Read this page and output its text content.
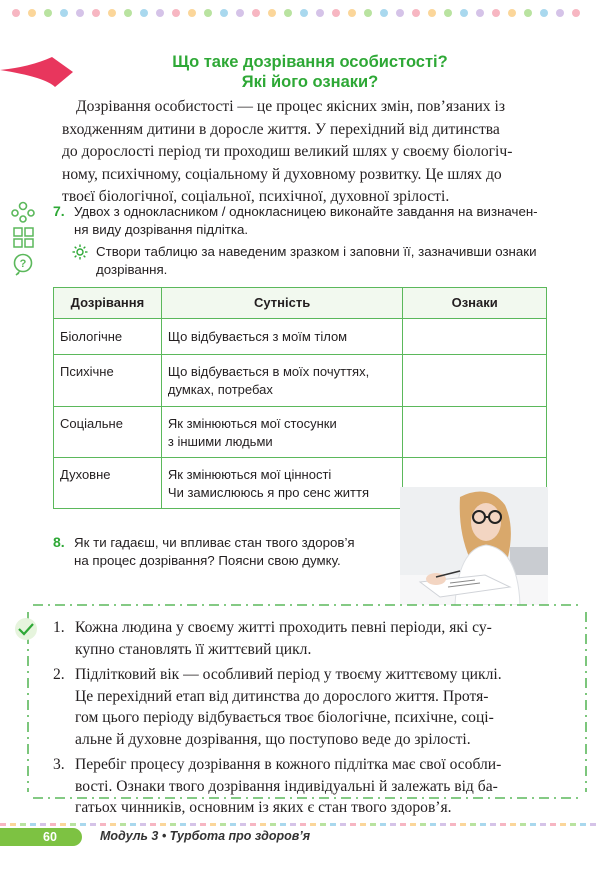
Що таке дозрівання особистості?
Які його ознаки?
Дозрівання особистості — це процес якісних змін, пов’язаних із
входженням дитини в доросле життя. У перехідний від дитинства
до дорослості період ти проходиш великий шлях у своєму біологіч-
ному, психічному, соціальному й духовному розвитку. Це шлях до
твоєї біологічної, соціальної, психічної, духовної зрілості.
?
7. Удвох з однокласником / однокласницею виконайте завдання на визначен-
ня виду дозрівання підлітка.
Створи таблицю за наведеним зразком і заповни її, зазначивши ознаки
дозрівання.
Дозрівання	Сутність	Ознаки
Біологічне	Що відбувається з моїм тілом	

Психічне	Що відбувається в моїх почуттях,
думках, потребах	

Соціальне	Як змінюються мої стосунки
з іншими людьми	

Духовне	Як змінюються мої цінності
Чи замислююсь я про сенс життя	

8. Як ти гадаєш, чи впливає стан твого здоров’я
на процес дозрівання? Поясни свою думку.
1. Кожна людина у своєму житті проходить певні періоди, які су-
купно становлять її життєвий цикл.
2. Підлітковий вік — особливий період у твоєму життєвому циклі.
Це перехідний етап від дитинства до дорослого життя. Протя-
гом цього періоду відбувається твоє біологічне, психічне, соці-
альне й духовне дозрівання, що поступово веде до зрілості.
3. Перебіг процесу дозрівання в кожного підлітка має свої особли-
вості. Ознаки твого дозрівання індивідуальні й залежать від ба-
гатьох чинників, основним із яких є стан твого здоров’я.
60	Модуль 3 • Турбота про здоров’я
